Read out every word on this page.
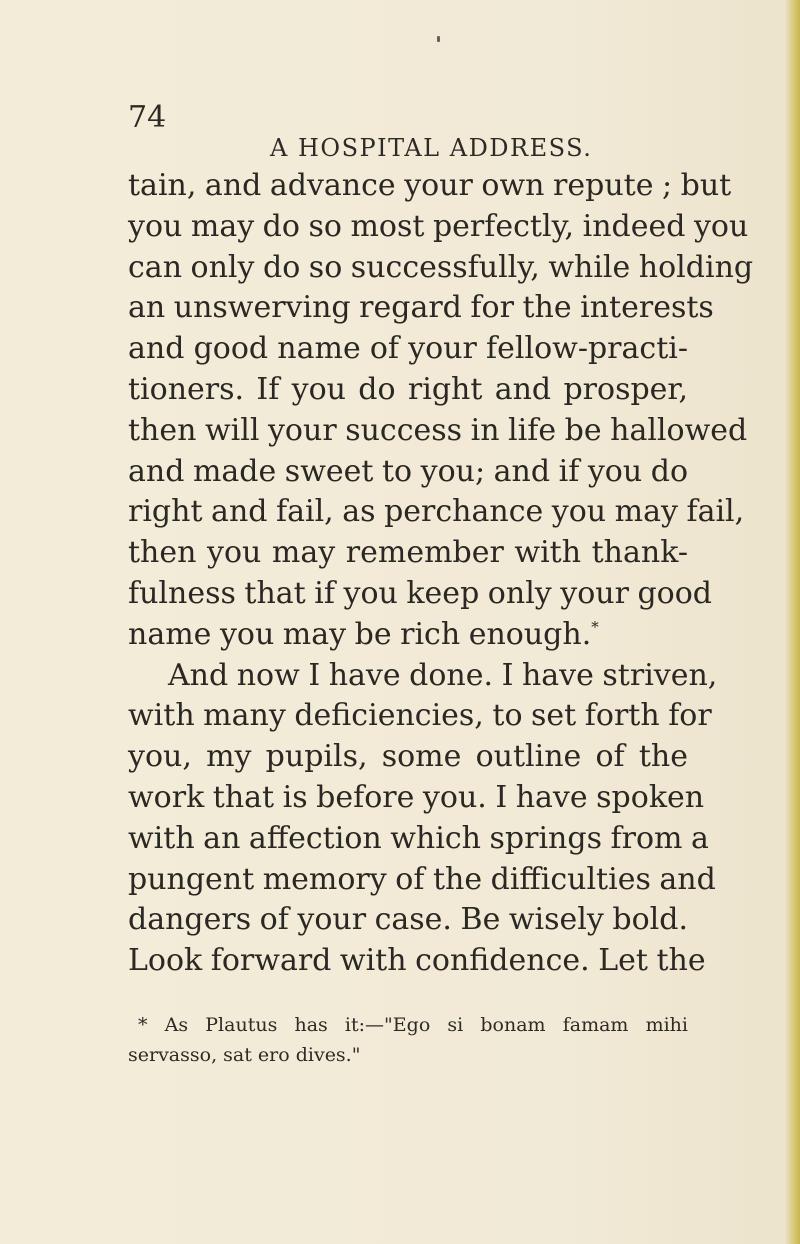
74
A HOSPITAL ADDRESS.
tain, and advance your own repute ; but
you may do so most perfectly, indeed you
can only do so successfully, while holding
an unswerving regard for the interests
and good name of your fellow-practi-
tioners. If you do right and prosper,
then will your success in life be hallowed
and made sweet to you; and if you do
right and fail, as perchance you may fail,
then you may remember with thank-
fulness that if you keep only your good
name you may be rich enough.*
And now I have done. I have striven,
with many deficiencies, to set forth for
you, my pupils, some outline of the
work that is before you. I have spoken
with an affection which springs from a
pungent memory of the difficulties and
dangers of your case. Be wisely bold.
Look forward with confidence. Let the
* As Plautus has it:—"Ego si bonam famam mihi
servasso, sat ero dives."
